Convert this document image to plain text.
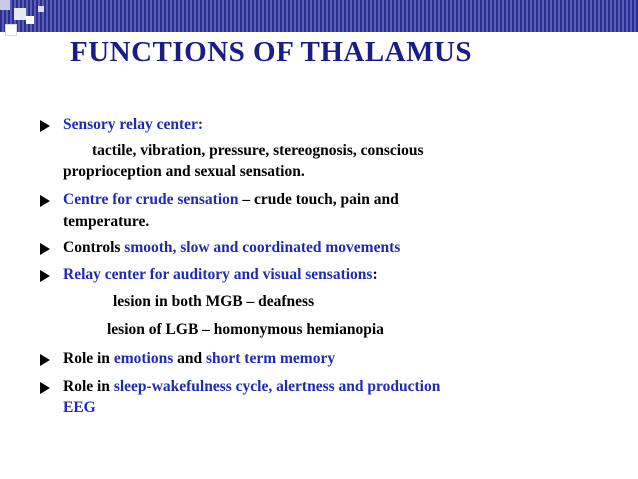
FUNCTIONS OF THALAMUS
Sensory relay center:
tactile, vibration, pressure, stereognosis, conscious
proprioception and sexual sensation.
Centre for crude sensation – crude touch, pain and
temperature.
Controls smooth, slow and coordinated movements
Relay center for auditory and visual sensations:
lesion in both MGB – deafness
lesion of LGB – homonymous hemianopia
Role in emotions and short term memory
Role in sleep-wakefulness cycle, alertness and production
EEG
